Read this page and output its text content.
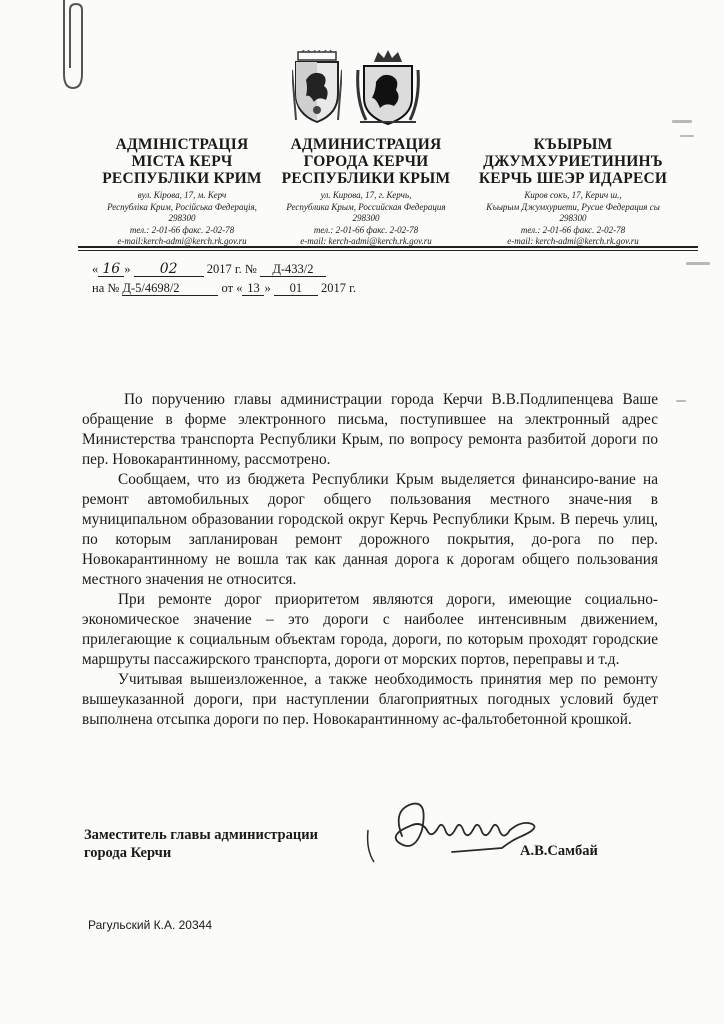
АДМІНІСТРАЦІЯ
МІСТА КЕРЧ
РЕСПУБЛІКИ КРИМ
вул. Кірова, 17, м. Керч
Республіка Крим, Російська Федерація,
298300
тел.: 2-01-66 факс. 2-02-78
e-mail:kerch-admi@kerch.rk.gov.ru
АДМИНИСТРАЦИЯ
ГОРОДА КЕРЧИ
РЕСПУБЛИКИ КРЫМ
ул. Кирова, 17, г. Керчь,
Республика Крым, Российская Федерация
298300
тел.: 2-01-66 факс. 2-02-78
e-mail: kerch-admi@kerch.rk.gov.ru
КЪЫРЫМ
ДЖУМХУРИЕТИНИНЪ
КЕРЧЬ ШЕЭР ИДАРЕСИ
Киров сокъ, 17, Керич ш.,
Къырым Джумхуриети, Русие Федерация сы
298300
тел.: 2-01-66 факс. 2-02-78
e-mail: kerch-admi@kerch.rk.gov.ru
« 16 » 02 2017 г. № Д-433/2
на № Д-5/4698/2	от « 13 » 01 2017 г.

По поручению главы администрации города Керчи В.В.Подлипенцева Ваше обращение в форме электронного письма, поступившее на электронный адрес Министерства транспорта Республики Крым, по вопросу ремонта разбитой дороги по пер. Новокарантинному, рассмотрено.

Сообщаем, что из бюджета Республики Крым выделяется финансиро-вание на ремонт автомобильных дорог общего пользования местного значе-ния в муниципальном образовании городской округ Керчь Республики Крым. В перечь улиц, по которым запланирован ремонт дорожного покрытия, до-рога по пер. Новокарантинному не вошла так как данная дорога к дорогам общего пользования местного значения не относится.

При ремонте дорог приоритетом являются дороги, имеющие социально-экономическое значение – это дороги с наиболее интенсивным движением, прилегающие к социальным объектам города, дороги, по которым проходят городские маршруты пассажирского транспорта, дороги от морских портов, переправы и т.д.

Учитывая вышеизложенное, а также необходимость принятия мер по ремонту вышеуказанной дороги, при наступлении благоприятных погодных условий будет выполнена отсыпка дороги по пер. Новокарантинному ас-фальтобетонной крошкой.

Заместитель главы администрации
города Керчи	А.В.Самбай
Рагульский К.А. 20344
